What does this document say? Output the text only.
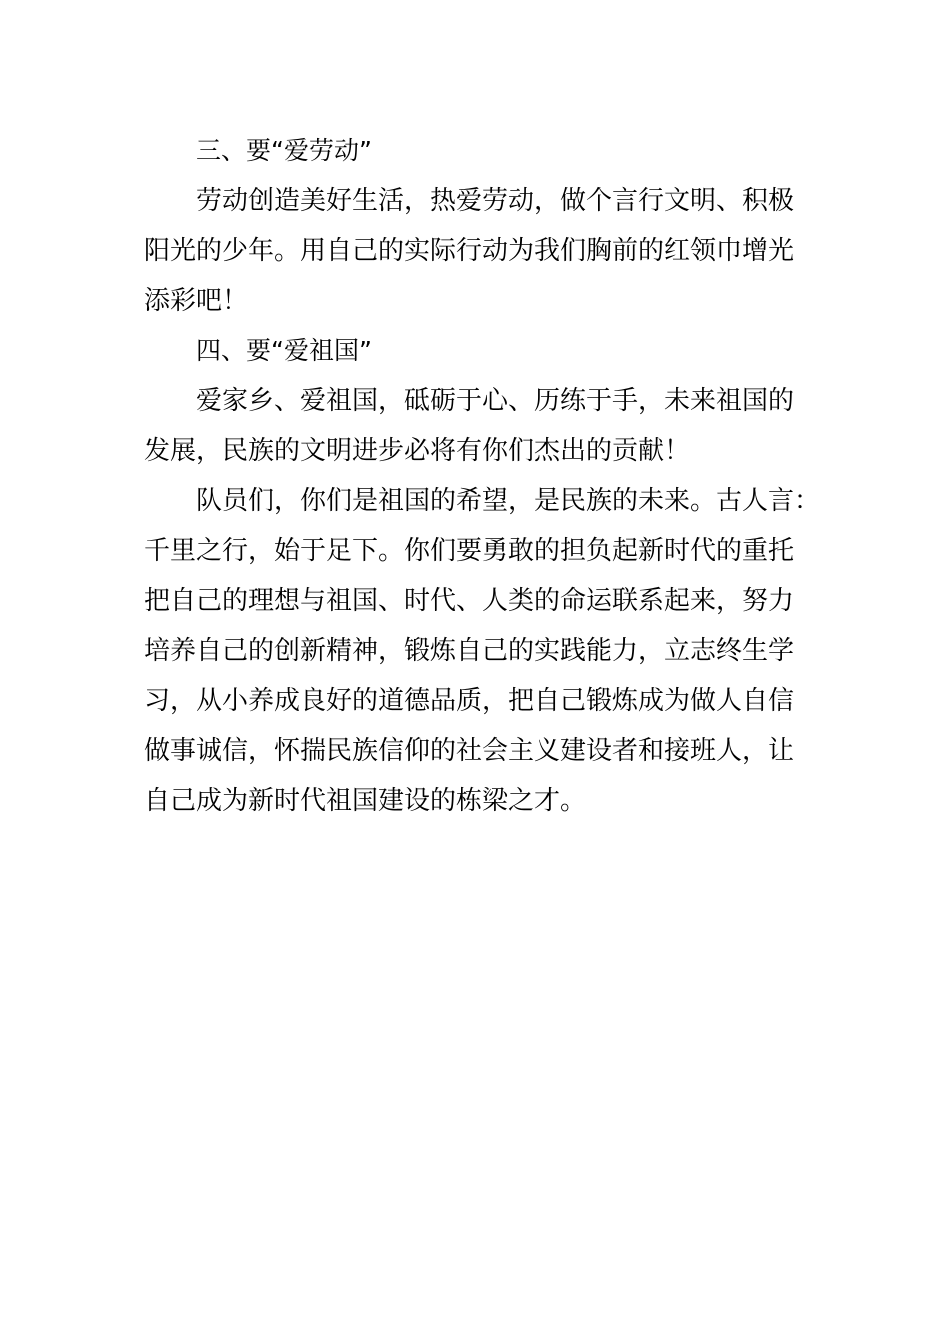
三、要“爱劳动”
劳动创造美好生活，热爱劳动，做个言行文明、积极
阳光的少年。用自己的实际行动为我们胸前的红领巾增光
添彩吧！
四、要“爱祖国”
爱家乡、爱祖国，砥砺于心、历练于手，未来祖国的
发展，民族的文明进步必将有你们杰出的贡献！
队员们，你们是祖国的希望，是民族的未来。古人言：
千里之行，始于足下。你们要勇敢的担负起新时代的重托
把自己的理想与祖国、时代、人类的命运联系起来，努力
培养自己的创新精神，锻炼自己的实践能力，立志终生学
习，从小养成良好的道德品质，把自己锻炼成为做人自信
做事诚信，怀揣民族信仰的社会主义建设者和接班人，让
自己成为新时代祖国建设的栋梁之才。
